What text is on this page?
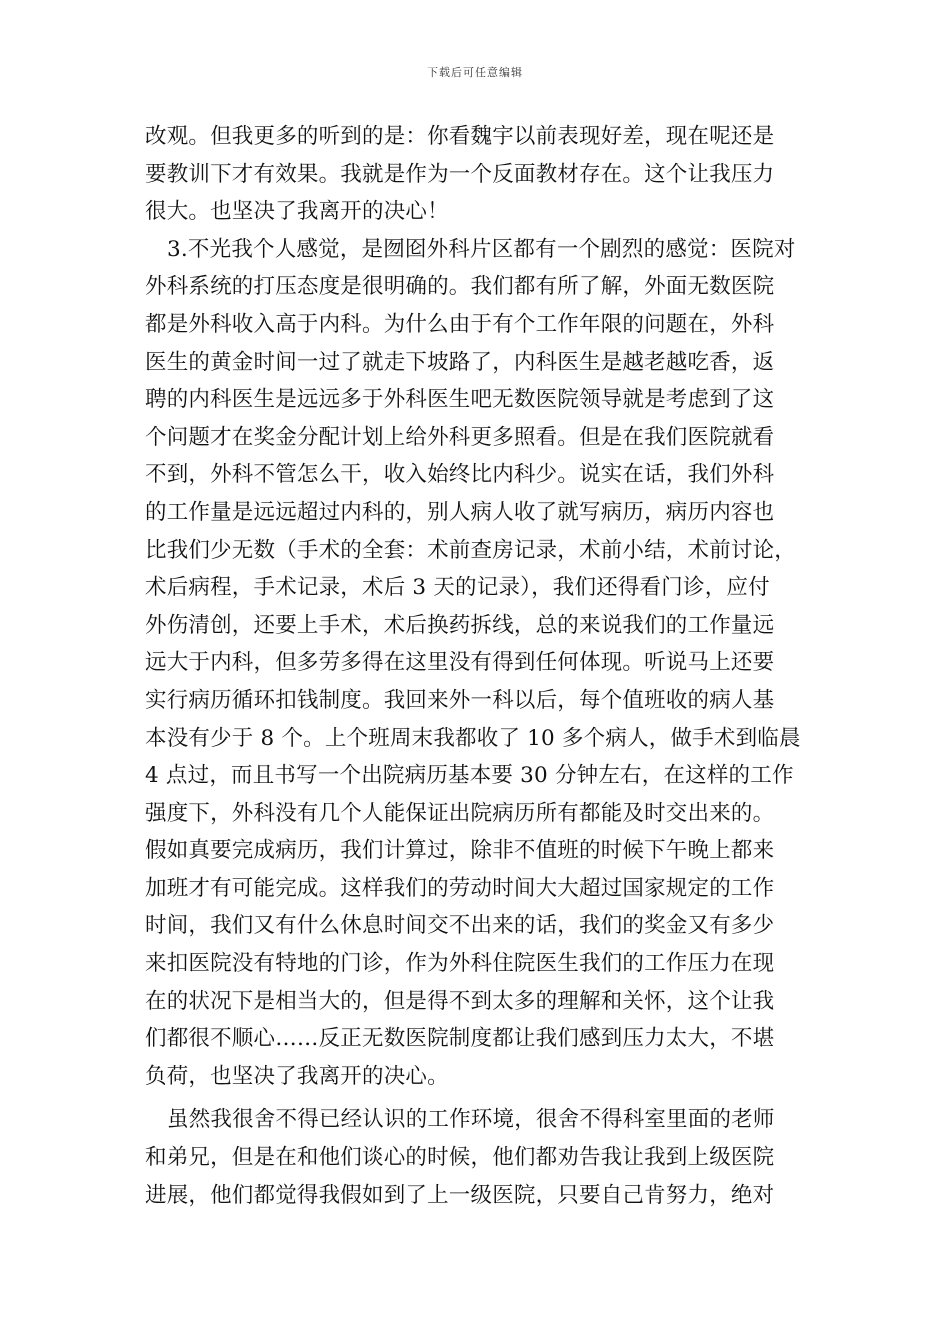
下载后可任意编辑
改观。但我更多的听到的是：你看魏宇以前表现好差，现在呢还是
要教训下才有效果。我就是作为一个反面教材存在。这个让我压力
很大。也坚决了我离开的决心！
3.不光我个人感觉，是囫囵外科片区都有一个剧烈的感觉：医院对
外科系统的打压态度是很明确的。我们都有所了解，外面无数医院
都是外科收入高于内科。为什么由于有个工作年限的问题在，外科
医生的黄金时间一过了就走下坡路了，内科医生是越老越吃香，返
聘的内科医生是远远多于外科医生吧无数医院领导就是考虑到了这
个问题才在奖金分配计划上给外科更多照看。但是在我们医院就看
不到，外科不管怎么干，收入始终比内科少。说实在话，我们外科
的工作量是远远超过内科的，别人病人收了就写病历，病历内容也
比我们少无数（手术的全套：术前查房记录，术前小结，术前讨论，
术后病程，手术记录，术后 3 天的记录），我们还得看门诊，应付
外伤清创，还要上手术，术后换药拆线，总的来说我们的工作量远
远大于内科，但多劳多得在这里没有得到任何体现。听说马上还要
实行病历循环扣钱制度。我回来外一科以后，每个值班收的病人基
本没有少于 8 个。上个班周末我都收了 10 多个病人，做手术到临晨
4 点过，而且书写一个出院病历基本要 30 分钟左右，在这样的工作
强度下，外科没有几个人能保证出院病历所有都能及时交出来的。
假如真要完成病历，我们计算过，除非不值班的时候下午晚上都来
加班才有可能完成。这样我们的劳动时间大大超过国家规定的工作
时间，我们又有什么休息时间交不出来的话，我们的奖金又有多少
来扣医院没有特地的门诊，作为外科住院医生我们的工作压力在现
在的状况下是相当大的，但是得不到太多的理解和关怀，这个让我
们都很不顺心……反正无数医院制度都让我们感到压力太大，不堪
负荷，也坚决了我离开的决心。
虽然我很舍不得已经认识的工作环境，很舍不得科室里面的老师
和弟兄，但是在和他们谈心的时候，他们都劝告我让我到上级医院
进展，他们都觉得我假如到了上一级医院，只要自己肯努力，绝对
